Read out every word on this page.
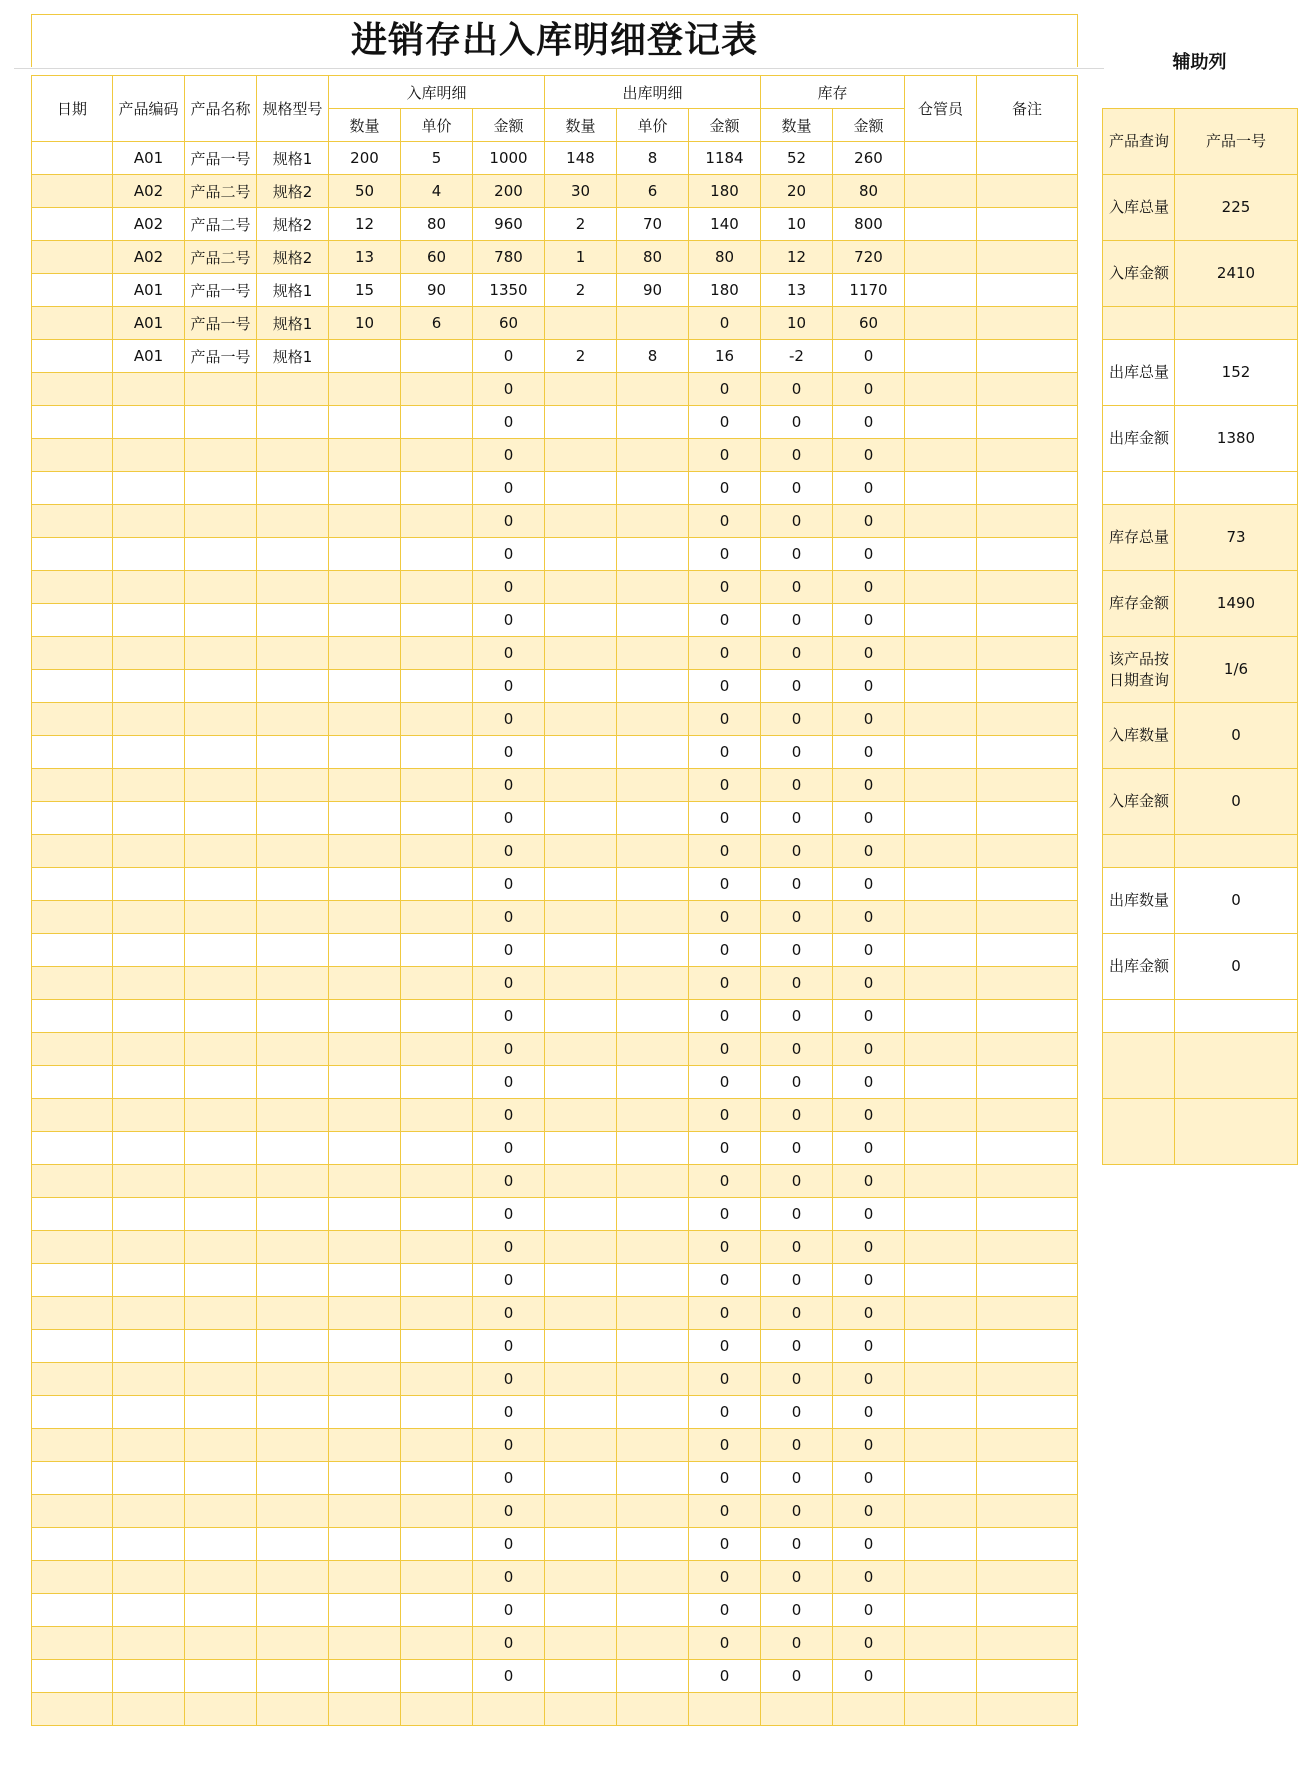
进销存出入库明细登记表
日期	产品编码	产品名称	规格型号	入库明细			出库明细			库存		仓管员	备注
				数量	单价	金额	数量	单价	金额	数量	金额		
	A01	产品一号	规格1	200	5	1000	148	8	1184	52	260		
	A02	产品二号	规格2	50	4	200	30	6	180	20	80		
	A02	产品二号	规格2	12	80	960	2	70	140	10	800		
	A02	产品二号	规格2	13	60	780	1	80	80	12	720		
	A01	产品一号	规格1	15	90	1350	2	90	180	13	1170		
	A01	产品一号	规格1	10	6	60			0	10	60		
	A01	产品一号	规格1			0	2	8	16	-2	0		
						0			0	0	0		
						0			0	0	0		
						0			0	0	0		
						0			0	0	0		
						0			0	0	0		
						0			0	0	0		
						0			0	0	0		
						0			0	0	0		
						0			0	0	0		
						0			0	0	0		
						0			0	0	0		
						0			0	0	0		
						0			0	0	0		
						0			0	0	0		
						0			0	0	0		
						0			0	0	0		
						0			0	0	0		
						0			0	0	0		
						0			0	0	0		
						0			0	0	0		
						0			0	0	0		
						0			0	0	0		
						0			0	0	0		
						0			0	0	0		
						0			0	0	0		
						0			0	0	0		
						0			0	0	0		
						0			0	0	0		
						0			0	0	0		
						0			0	0	0		
						0			0	0	0		
						0			0	0	0		
						0			0	0	0		
						0			0	0	0		
						0			0	0	0		
						0			0	0	0		
						0			0	0	0		
						0			0	0	0		
						0			0	0	0		
						0			0	0	0		

辅助列
产品查询	产品一号
入库总量	225
入库金额	2410

出库总量	152
出库金额	1380

库存总量	73
库存金额	1490
该产品按日期查询	1/6
入库数量	0
入库金额	0

出库数量	0
出库金额	0
